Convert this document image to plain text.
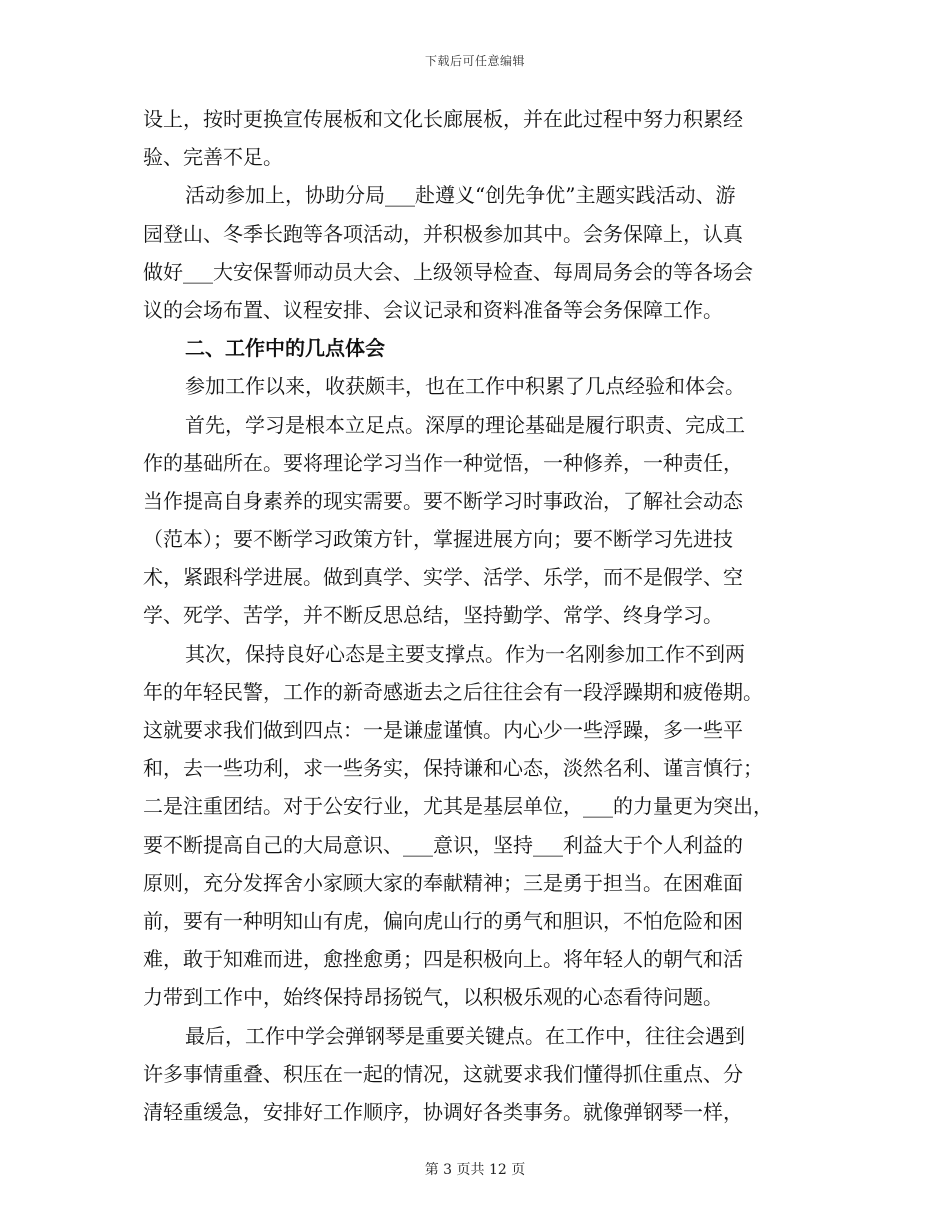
下载后可任意编辑
设上，按时更换宣传展板和文化长廊展板，并在此过程中努力积累经
验、完善不足。
活动参加上，协助分局___赴遵义“创先争优”主题实践活动、游
园登山、冬季长跑等各项活动，并积极参加其中。会务保障上，认真
做好___大安保誓师动员大会、上级领导检查、每周局务会的等各场会
议的会场布置、议程安排、会议记录和资料准备等会务保障工作。
二、工作中的几点体会
参加工作以来，收获颇丰，也在工作中积累了几点经验和体会。
首先，学习是根本立足点。深厚的理论基础是履行职责、完成工
作的基础所在。要将理论学习当作一种觉悟，一种修养，一种责任，
当作提高自身素养的现实需要。要不断学习时事政治，了解社会动态
（范本）；要不断学习政策方针，掌握进展方向；要不断学习先进技
术，紧跟科学进展。做到真学、实学、活学、乐学，而不是假学、空
学、死学、苦学，并不断反思总结，坚持勤学、常学、终身学习。
其次，保持良好心态是主要支撑点。作为一名刚参加工作不到两
年的年轻民警，工作的新奇感逝去之后往往会有一段浮躁期和疲倦期。
这就要求我们做到四点：一是谦虚谨慎。内心少一些浮躁，多一些平
和，去一些功利，求一些务实，保持谦和心态，淡然名利、谨言慎行；
二是注重团结。对于公安行业，尤其是基层单位，___的力量更为突出，
要不断提高自己的大局意识、___意识，坚持___利益大于个人利益的
原则，充分发挥舍小家顾大家的奉献精神；三是勇于担当。在困难面
前，要有一种明知山有虎，偏向虎山行的勇气和胆识，不怕危险和困
难，敢于知难而进，愈挫愈勇；四是积极向上。将年轻人的朝气和活
力带到工作中，始终保持昂扬锐气，以积极乐观的心态看待问题。
最后，工作中学会弹钢琴是重要关键点。在工作中，往往会遇到
许多事情重叠、积压在一起的情况，这就要求我们懂得抓住重点、分
清轻重缓急，安排好工作顺序，协调好各类事务。就像弹钢琴一样，
第 3 页共 12 页
